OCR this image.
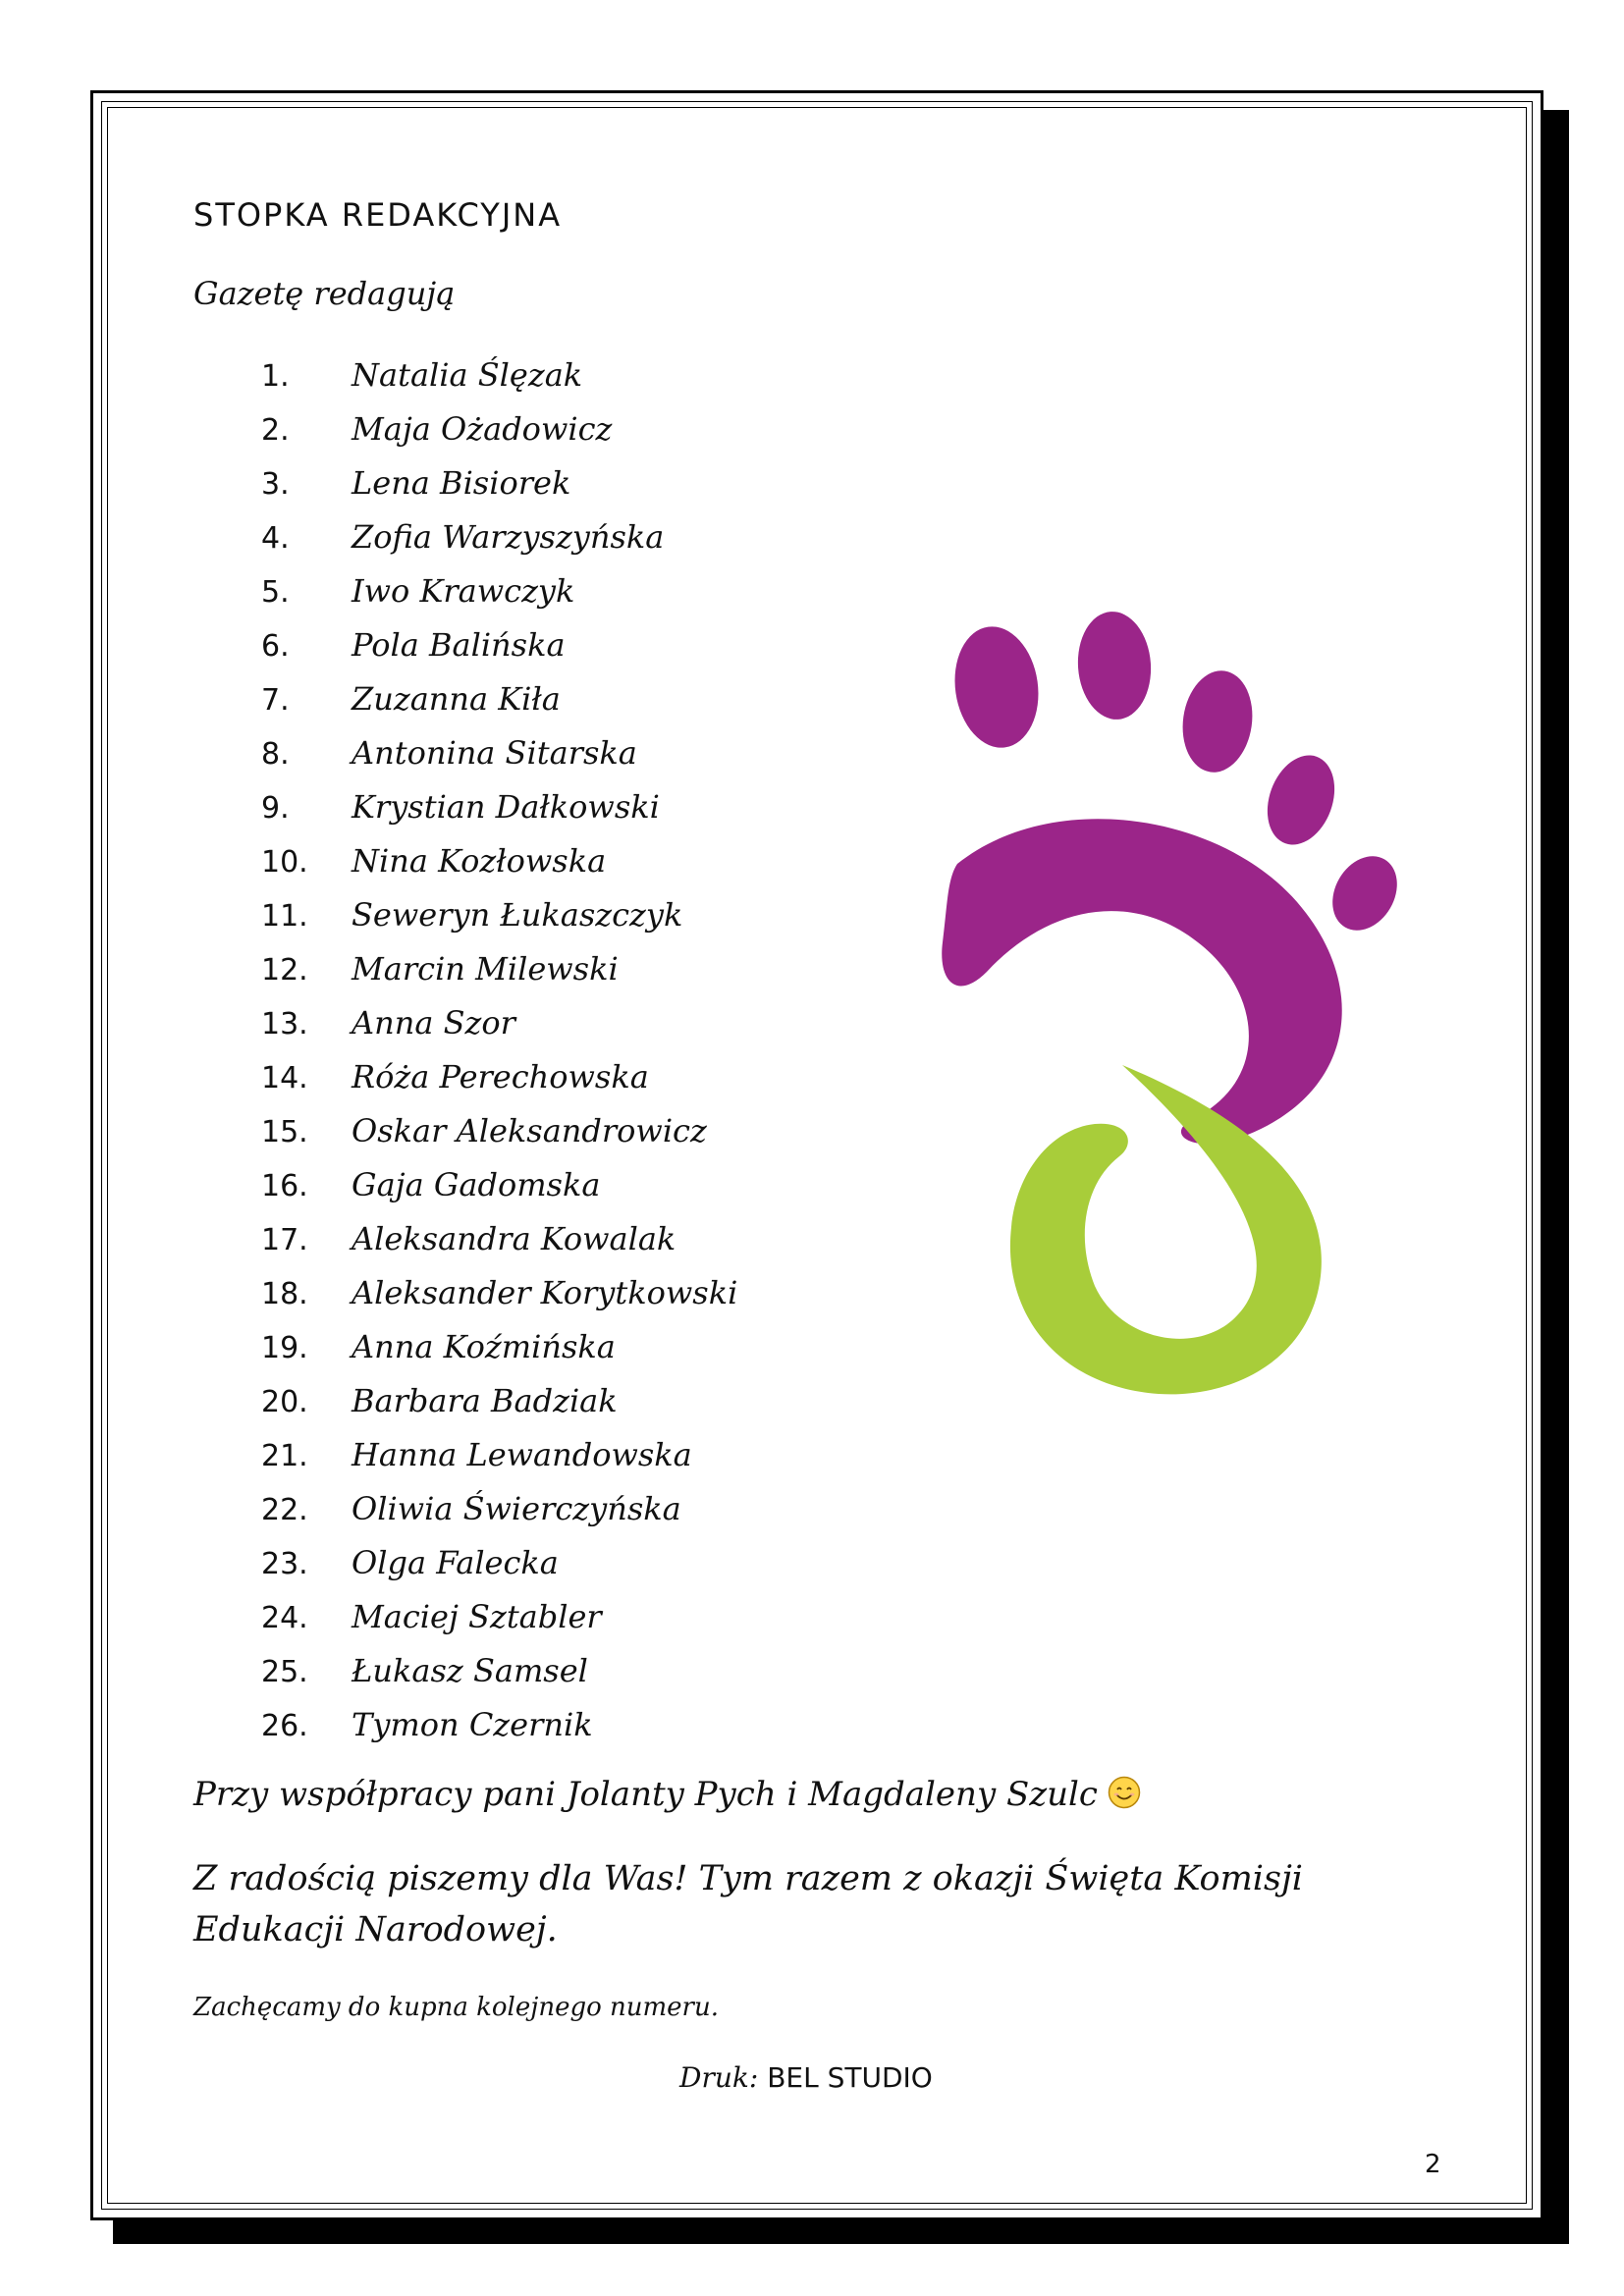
STOPKA REDAKCYJNA
Gazetę redagują
1. Natalia Ślęzak
2. Maja Ożadowicz
3. Lena Bisiorek
4. Zofia Warzyszyńska
5. Iwo Krawczyk
6. Pola Balińska
7. Zuzanna Kiła
8. Antonina Sitarska
9. Krystian Dałkowski
10. Nina Kozłowska
11. Seweryn Łukaszczyk
12. Marcin Milewski
13. Anna Szor
14. Róża Perechowska
15. Oskar Aleksandrowicz
16. Gaja Gadomska
17. Aleksandra Kowalak
18. Aleksander Korytkowski
19. Anna Koźmińska
20. Barbara Badziak
21. Hanna Lewandowska
22. Oliwia Świerczyńska
23. Olga Falecka
24. Maciej Sztabler
25. Łukasz Samsel
26. Tymon Czernik
Przy współpracy pani Jolanty Pych i Magdaleny Szulc
Z radością piszemy dla Was! Tym razem z okazji Święta Komisji Edukacji Narodowej.
Zachęcamy do kupna kolejnego numeru.
Druk: BEL STUDIO
2
